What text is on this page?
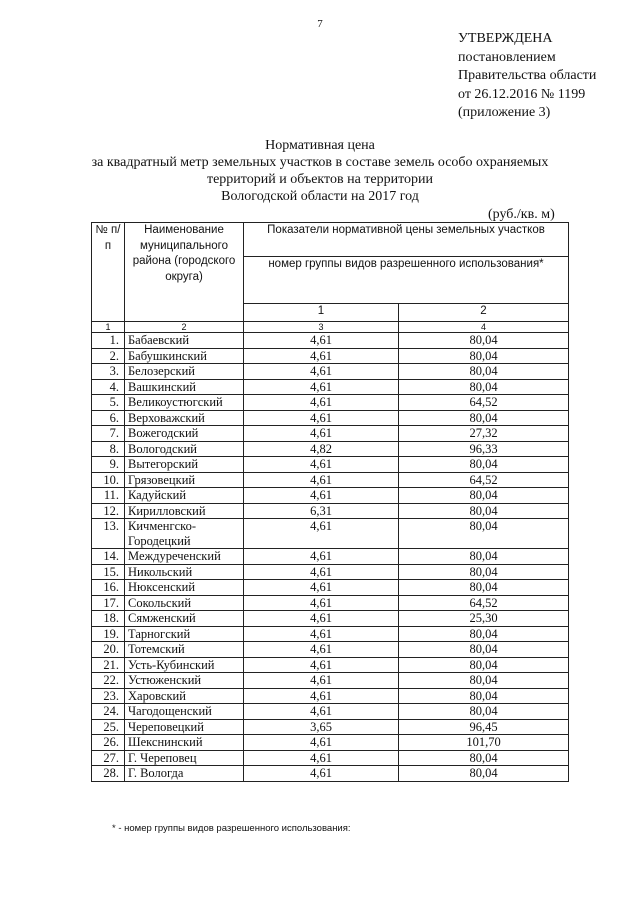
7
УТВЕРЖДЕНА
постановлением
Правительства области
от 26.12.2016 № 1199
(приложение 3)
Нормативная цена
за квадратный метр земельных участков в составе земель особо охраняемых
территорий и объектов на территории
Вологодской области на 2017 год
(руб./кв. м)
№ п/п	Наименование муниципального района (городского округа)	Показатели нормативной цены земельных участков	
		номер группы видов разрешенного использования*	
		1	2
1	2	3	4
1.	Бабаевский	4,61	80,04
2.	Бабушкинский	4,61	80,04
3.	Белозерский	4,61	80,04
4.	Вашкинский	4,61	80,04
5.	Великоустюгский	4,61	64,52
6.	Верховажский	4,61	80,04
7.	Вожегодский	4,61	27,32
8.	Вологодский	4,82	96,33
9.	Вытегорский	4,61	80,04
10.	Грязовецкий	4,61	64,52
11.	Кадуйский	4,61	80,04
12.	Кирилловский	6,31	80,04
13.	Кичменгско-Городецкий	4,61	80,04
14.	Междуреченский	4,61	80,04
15.	Никольский	4,61	80,04
16.	Нюксенский	4,61	80,04
17.	Сокольский	4,61	64,52
18.	Сямженский	4,61	25,30
19.	Тарногский	4,61	80,04
20.	Тотемский	4,61	80,04
21.	Усть-Кубинский	4,61	80,04
22.	Устюженский	4,61	80,04
23.	Харовский	4,61	80,04
24.	Чагодощенский	4,61	80,04
25.	Череповецкий	3,65	96,45
26.	Шекснинский	4,61	101,70
27.	Г. Череповец	4,61	80,04
28.	Г. Вологда	4,61	80,04
* - номер группы видов разрешенного использования:
